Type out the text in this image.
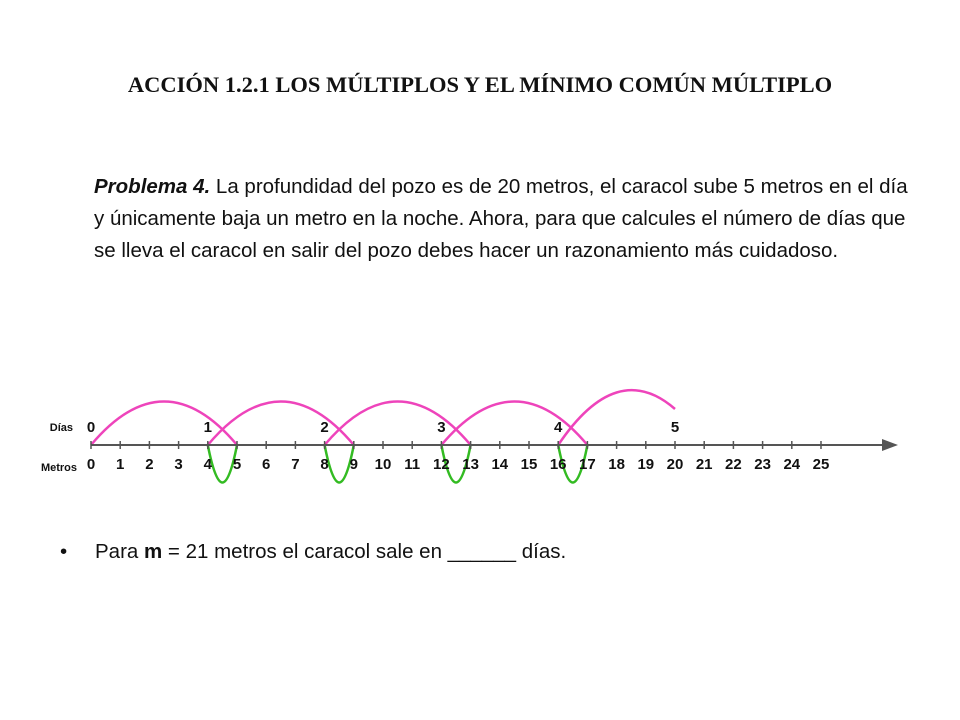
ACCIÓN 1.2.1 LOS MÚLTIPLOS Y EL MÍNIMO COMÚN MÚLTIPLO

Problema 4. La profundidad del pozo es de 20 metros, el caracol sube 5 metros en el día y únicamente baja un metro en la noche. Ahora, para que calcules el número de días que se lleva el caracol en salir del pozo debes hacer un razonamiento más cuidadoso.

0 1 2 3 4 5 6 7 8 9 10 11 12 13 14 15 16 17 18 19 20 21 22 23 24 25
Días
Metros
0	1	2	3	4	5
• Para m = 21 metros el caracol sale en ______ días.
